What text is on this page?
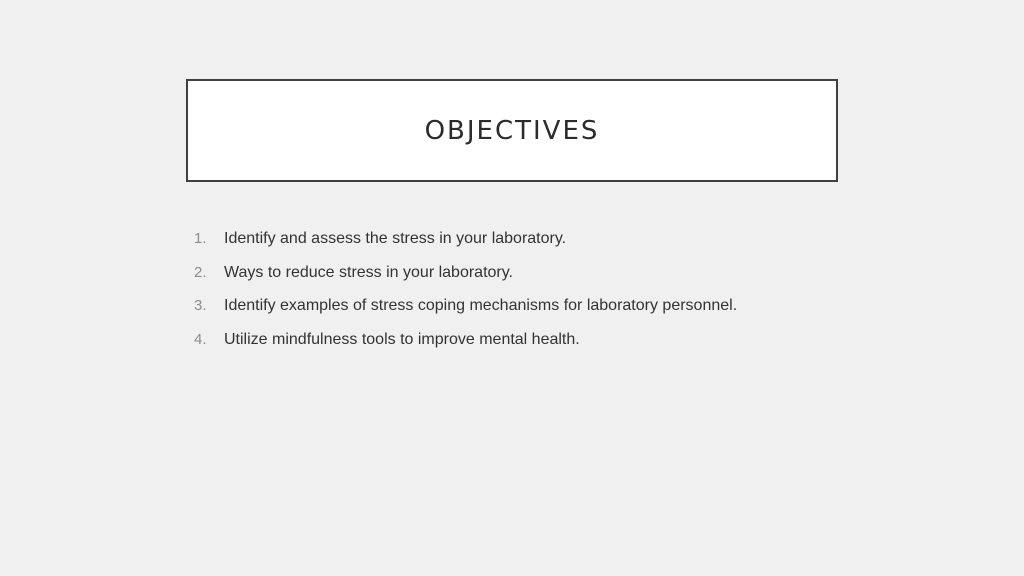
OBJECTIVES
1.	Identify and assess the stress in your laboratory.
2.	Ways to reduce stress in your laboratory.
3.	Identify examples of stress coping mechanisms for laboratory personnel.
4.	Utilize mindfulness tools to improve mental health.
